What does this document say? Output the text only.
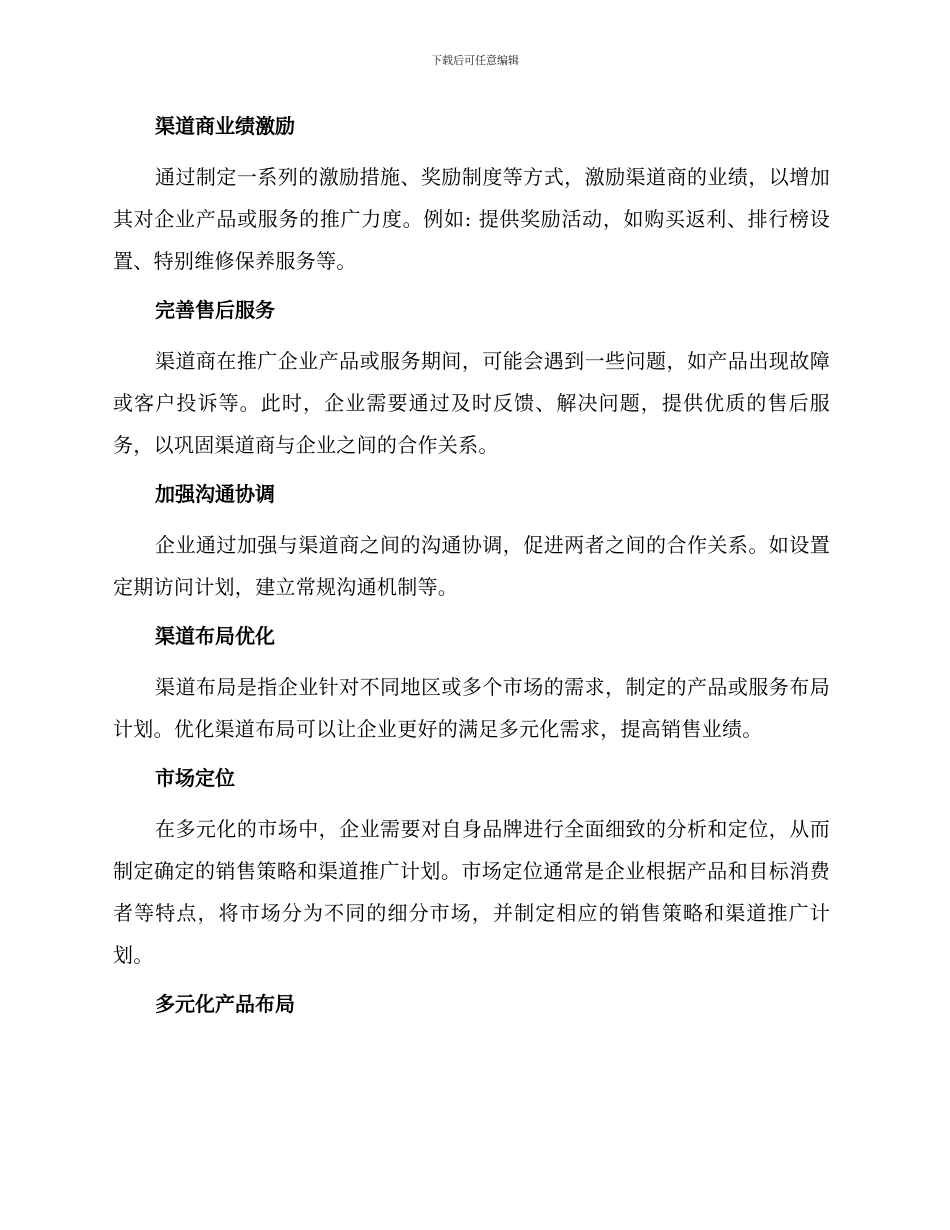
下载后可任意编辑
渠道商业绩激励

通过制定一系列的激励措施、奖励制度等方式，激励渠道商的业绩，以增加其对企业产品或服务的推广力度。例如: 提供奖励活动，如购买返利、排行榜设置、特别维修保养服务等。

完善售后服务

渠道商在推广企业产品或服务期间，可能会遇到一些问题，如产品出现故障或客户投诉等。此时，企业需要通过及时反馈、解决问题，提供优质的售后服务，以巩固渠道商与企业之间的合作关系。

加强沟通协调

企业通过加强与渠道商之间的沟通协调，促进两者之间的合作关系。如设置定期访问计划，建立常规沟通机制等。

渠道布局优化

渠道布局是指企业针对不同地区或多个市场的需求，制定的产品或服务布局计划。优化渠道布局可以让企业更好的满足多元化需求，提高销售业绩。

市场定位

在多元化的市场中，企业需要对自身品牌进行全面细致的分析和定位，从而制定确定的销售策略和渠道推广计划。市场定位通常是企业根据产品和目标消费者等特点，将市场分为不同的细分市场，并制定相应的销售策略和渠道推广计划。

多元化产品布局
